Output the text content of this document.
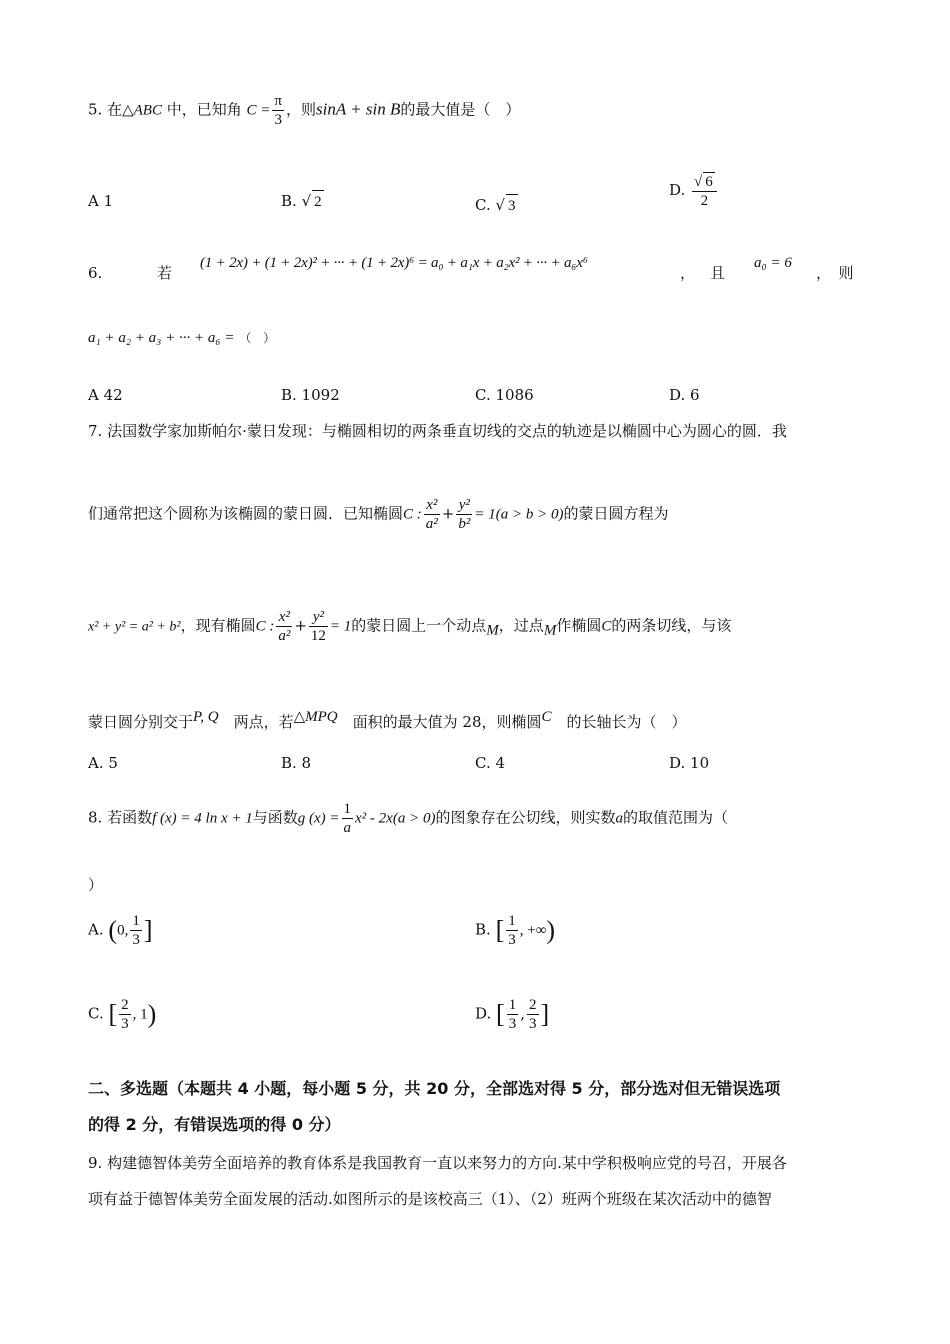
5. 在△ABC 中，已知角 $C = \frac{\pi}{3}$ ，则sinA + sin B的最大值是（　）
A 1	B. √ 2	C. √ 3
D. $\frac{√ 6}{2}$
6.	若
(1 + 2x) + (1 + 2x)² + ··· + (1 + 2x)⁶ = a₀ + a₁x + a₂x² + ··· + a₆x⁶
， 且
a₀ = 6
，　则
a₁ + a₂ + a₃ + ··· + a₆ = （　）
A 42	B. 1092	C. 1086	D. 6
7. 法国数学家加斯帕尔·蒙日发现：与椭圆相切的两条垂直切线的交点的轨迹是以椭圆中心为圆心的圆．我
们通常把这个圆称为该椭圆的蒙日圆．已知椭圆C : $\frac{\text{x²}}{\text{a²}} + \frac{\text{y²}}{\text{b²}} = 1(a > b > 0)$的蒙日圆方程为
x² + y² = a² + b²，现有椭圆C : $\frac{\text{x²}}{\text{a²}} + \frac{\text{y²}}{12} = 1$的蒙日圆上一个动点M，过点M作椭圆C的两条切线，与该
蒙日圆分别交于P, Q　 两点，若△MPQ　 面积的最大值为 28，则椭圆C　 的长轴长为（　）
A. 5	B. 8	C. 4	D. 10
8. 若函数f (x) = 4 ln x + 1与函数g $(x) = \frac{1}{a} x^2 - 2x(a > 0)$的图象存在公切线，则实数a的取值范围为（
）
A. (0, $\frac{1}{3}$ ]	B. [ $\frac{1}{3}$ , +∞)
C. [ $\frac{2}{3}$ , 1)	D. [ $\frac{1}{3}$ , $\frac{2}{3}$ ]
二、多选题（本题共 4 小题，每小题 5 分，共 20 分，全部选对得 5 分，部分选对但无错误选项
的得 2 分，有错误选项的得 0 分）
9. 构建德智体美劳全面培养的教育体系是我国教育一直以来努力的方向.某中学积极响应党的号召，开展各
项有益于德智体美劳全面发展的活动.如图所示的是该校高三（1）、（2）班两个班级在某次活动中的德智
